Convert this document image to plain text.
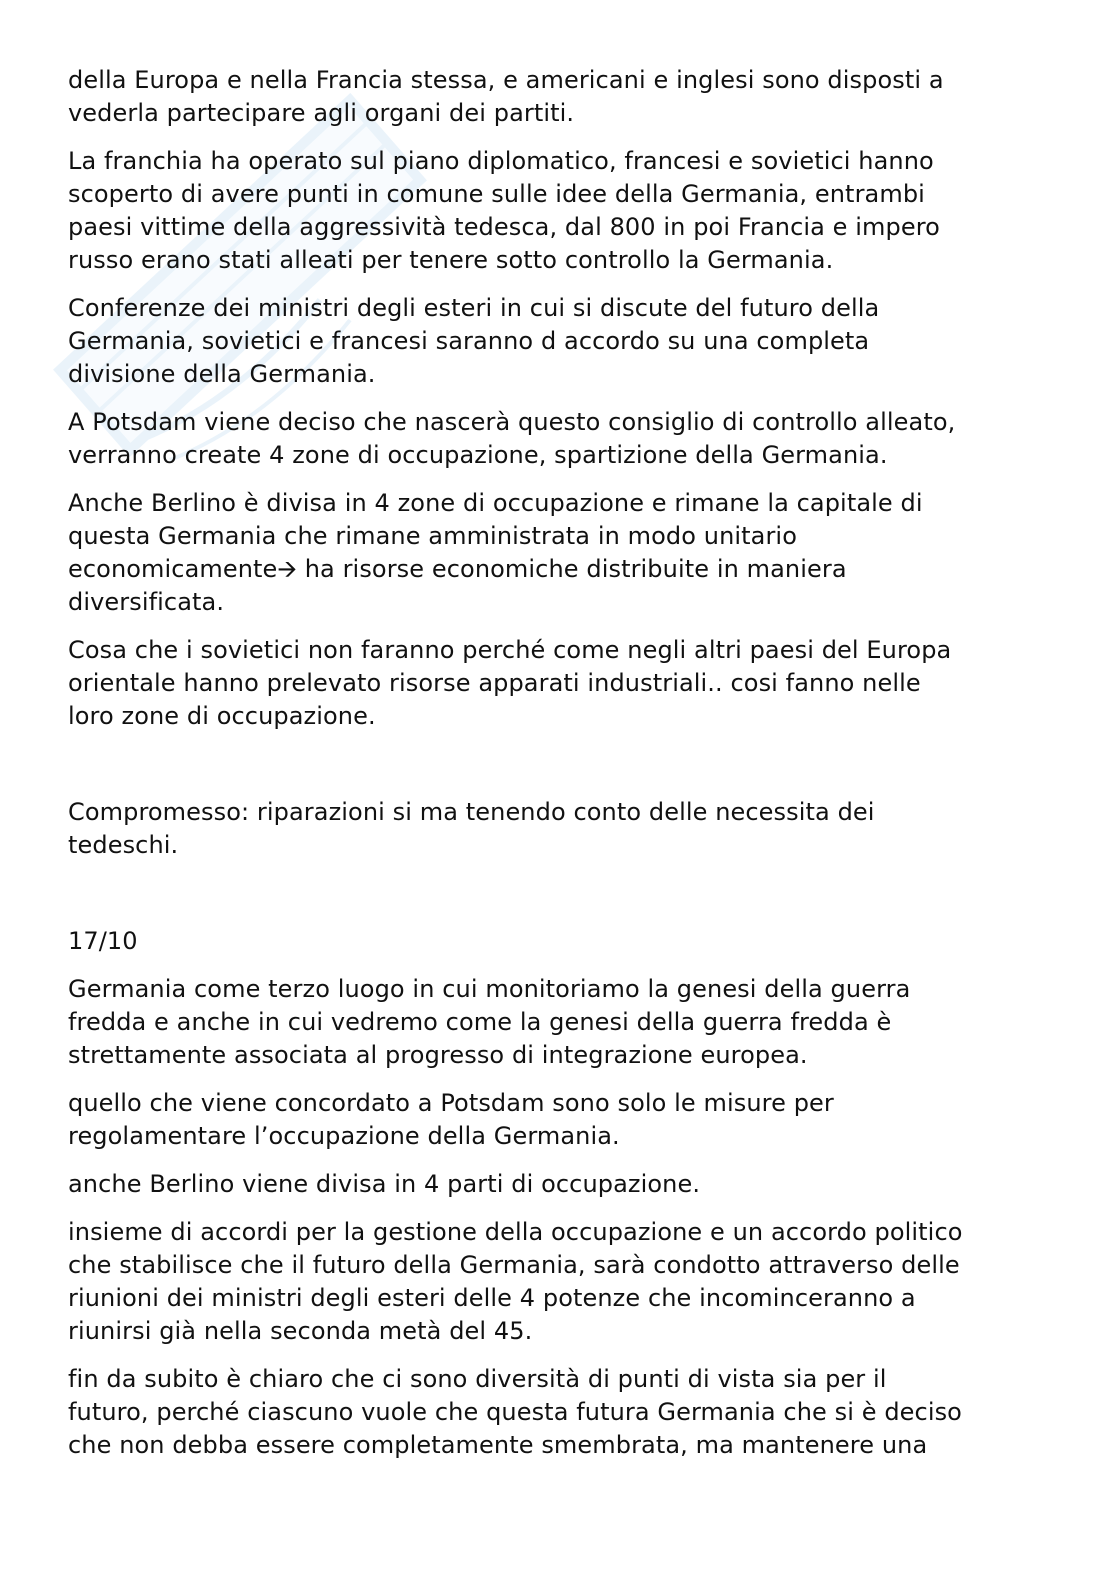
della Europa e nella Francia stessa, e americani e inglesi sono disposti a
vederla partecipare agli organi dei partiti.

La franchia ha operato sul piano diplomatico, francesi e sovietici hanno
scoperto di avere punti in comune sulle idee della Germania, entrambi
paesi vittime della aggressività tedesca, dal 800 in poi Francia e impero
russo erano stati alleati per tenere sotto controllo la Germania.

Conferenze dei ministri degli esteri in cui si discute del futuro della
Germania, sovietici e francesi saranno d accordo su una completa
divisione della Germania.

A Potsdam viene deciso che nascerà questo consiglio di controllo alleato,
verranno create 4 zone di occupazione, spartizione della Germania.

Anche Berlino è divisa in 4 zone di occupazione e rimane la capitale di
questa Germania che rimane amministrata in modo unitario
economicamente🡪 ha risorse economiche distribuite in maniera
diversificata.

Cosa che i sovietici non faranno perché come negli altri paesi del Europa
orientale hanno prelevato risorse apparati industriali.. cosi fanno nelle
loro zone di occupazione.

Compromesso: riparazioni si ma tenendo conto delle necessita dei
tedeschi.

17/10

Germania come terzo luogo in cui monitoriamo la genesi della guerra
fredda e anche in cui vedremo come la genesi della guerra fredda è
strettamente associata al progresso di integrazione europea.

quello che viene concordato a Potsdam sono solo le misure per
regolamentare l’occupazione della Germania.

anche Berlino viene divisa in 4 parti di occupazione.

insieme di accordi per la gestione della occupazione e un accordo politico
che stabilisce che il futuro della Germania, sarà condotto attraverso delle
riunioni dei ministri degli esteri delle 4 potenze che incominceranno a
riunirsi già nella seconda metà del 45.

fin da subito è chiaro che ci sono diversità di punti di vista sia per il
futuro, perché ciascuno vuole che questa futura Germania che si è deciso
che non debba essere completamente smembrata, ma mantenere una
